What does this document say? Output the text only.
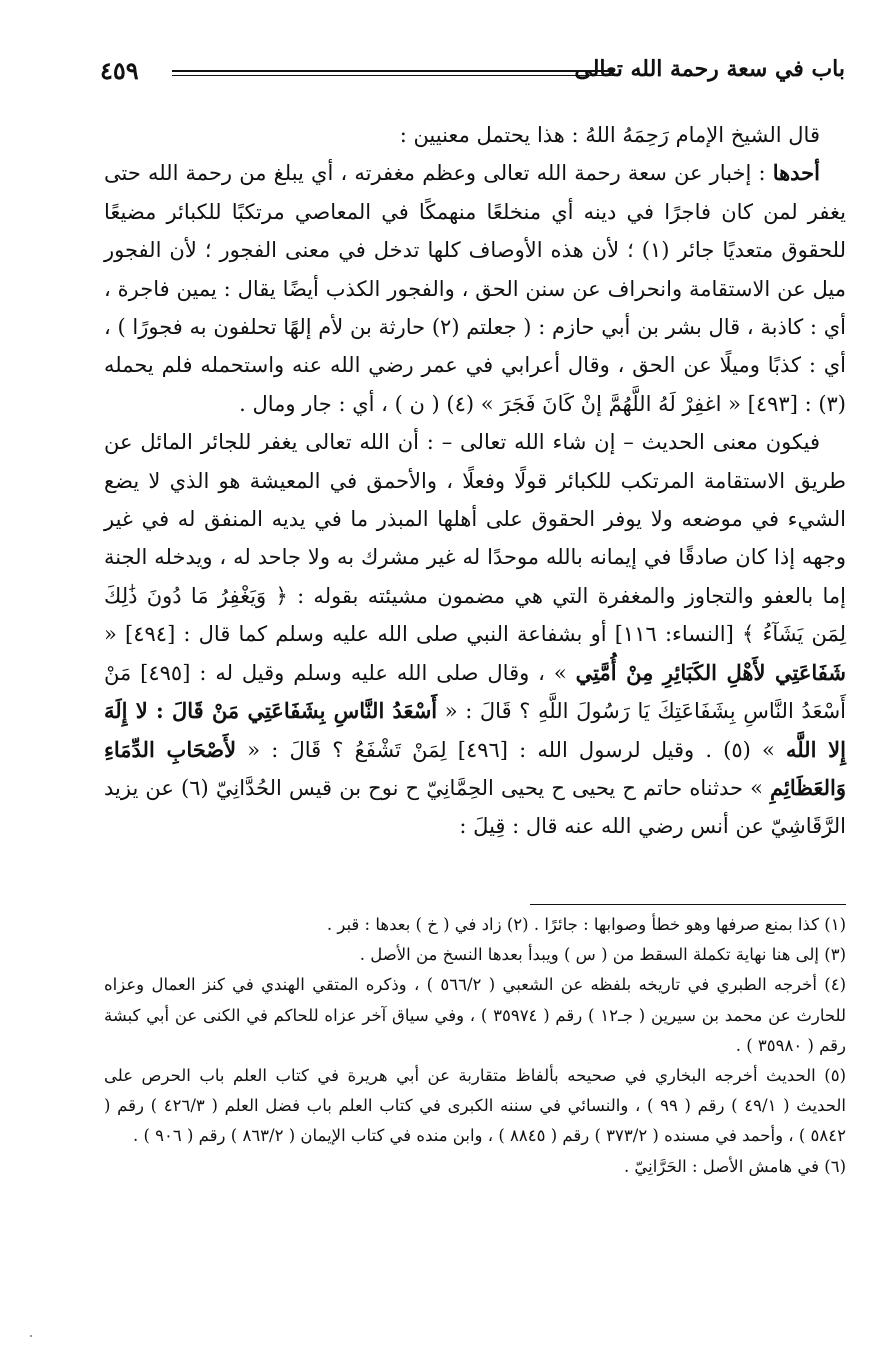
باب في سعة رحمة الله تعالى
٤٥٩

قال الشيخ الإمام رَحِمَهُ اللهُ : هذا يحتمل معنيين :

أحدها : إخبار عن سعة رحمة الله تعالى وعظم مغفرته ، أي يبلغ من رحمة الله حتى يغفر لمن كان فاجرًا في دينه أي منخلعًا منهمكًا في المعاصي مرتكبًا للكبائر مضيعًا للحقوق متعديًا جائر (١) ؛ لأن هذه الأوصاف كلها تدخل في معنى الفجور ؛ لأن الفجور ميل عن الاستقامة وانحراف عن سنن الحق ، والفجور الكذب أيضًا يقال : يمين فاجرة ، أي : كاذبة ، قال بشر بن أبي حازم : ( جعلتم (٢) حارثة بن لأم إلهًا تحلفون به فجورًا ) ، أي : كذبًا وميلًا عن الحق ، وقال أعرابي في عمر رضي الله عنه واستحمله فلم يحمله (٣) : [٤٩٣] « اغفِرْ لَهُ اللَّهُمَّ إنْ كَانَ فَجَرَ » (٤) ( ن ) ، أي : جار ومال .

فيكون معنى الحديث – إن شاء الله تعالى – : أن الله تعالى يغفر للجائر المائل عن طريق الاستقامة المرتكب للكبائر قولًا وفعلًا ، والأحمق في المعيشة هو الذي لا يضع الشيء في موضعه ولا يوفر الحقوق على أهلها المبذر ما في يديه المنفق له في غير وجهه إذا كان صادقًا في إيمانه بالله موحدًا له غير مشرك به ولا جاحد له ، ويدخله الجنة إما بالعفو والتجاوز والمغفرة التي هي مضمون مشيئته بقوله : ﴿ وَيَغْفِرُ مَا دُونَ ذَٰلِكَ لِمَن يَشَآءُ ﴾ [النساء: ١١٦] أو بشفاعة النبي صلى الله عليه وسلم كما قال : [٤٩٤] « شَفَاعَتِي لأَهْلِ الكَبَائِرِ مِنْ أُمَّتِي » ، وقال صلى الله عليه وسلم وقيل له : [٤٩٥] مَنْ أَسْعَدُ النَّاسِ بِشَفَاعَتِكَ يَا رَسُولَ اللَّهِ ؟ قَالَ : « أَسْعَدُ النَّاسِ بِشَفَاعَتِي مَنْ قَالَ : لا إِلَهَ إِلا اللَّه » (٥) . وقيل لرسول الله : [٤٩٦] لِمَنْ تَشْفَعُ ؟ قَالَ : « لأَصْحَابِ الدِّمَاءِ وَالعَظَائِمِ » حدثناه حاتم ح يحيى ح يحيى الحِمَّانِيّ ح نوح بن قيس الحُدَّانِيّ (٦) عن يزيد الرَّقَاشِيّ عن أنس رضي الله عنه قال : قِيلَ :

(١) كذا بمنع صرفها وهو خطأ وصوابها : جائرًا . (٢) زاد في ( خ ) بعدها : قبر .

(٣) إلى هنا نهاية تكملة السقط من ( س ) ويبدأ بعدها النسخ من الأصل .

(٤) أخرجه الطبري في تاريخه بلفظه عن الشعبي ( ٥٦٦/٢ ) ، وذكره المتقي الهندي في كنز العمال وعزاه للحارث عن محمد بن سيرين ( جـ١٢ ) رقم ( ٣٥٩٧٤ ) ، وفي سياق آخر عزاه للحاكم في الكنى عن أبي كبشة رقم ( ٣٥٩٨٠ ) .

(٥) الحديث أخرجه البخاري في صحيحه بألفاظ متقاربة عن أبي هريرة في كتاب العلم باب الحرص على الحديث ( ٤٩/١ ) رقم ( ٩٩ ) ، والنسائي في سننه الكبرى في كتاب العلم باب فضل العلم ( ٤٢٦/٣ ) رقم ( ٥٨٤٢ ) ، وأحمد في مسنده ( ٣٧٣/٢ ) رقم ( ٨٨٤٥ ) ، وابن منده في كتاب الإيمان ( ٨٦٣/٢ ) رقم ( ٩٠٦ ) .

(٦) في هامش الأصل : الحَرَّانِيّ .
